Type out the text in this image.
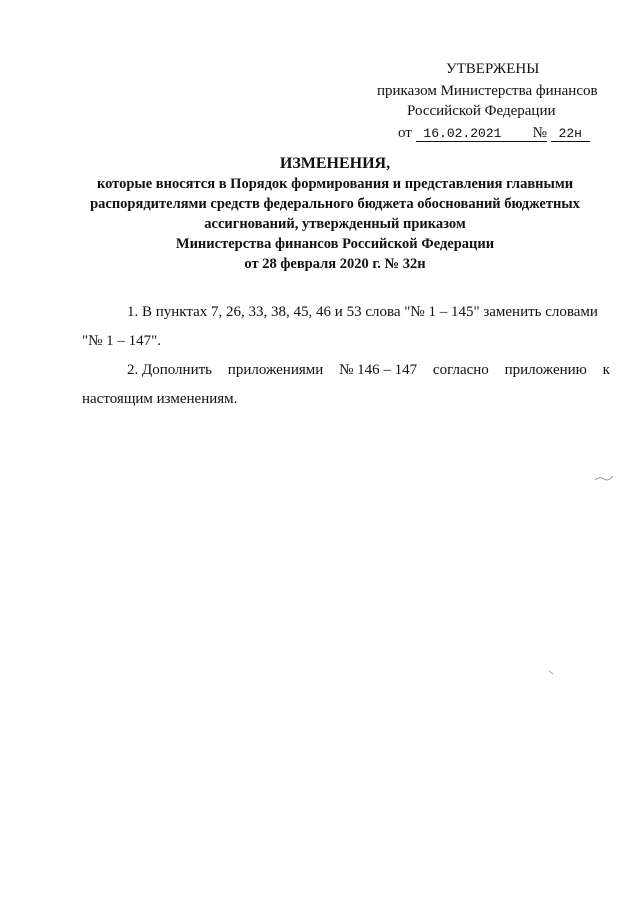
УТВЕРЖЕНЫ
приказом Министерства финансов
Российской Федерации
от 16.02.2021 № 22н
ИЗМЕНЕНИЯ,
которые вносятся в Порядок формирования и представления главными
распорядителями средств федерального бюджета обоснований бюджетных
ассигнований, утвержденный приказом
Министерства финансов Российской Федерации
от 28 февраля 2020 г. № 32н
1. В пунктах 7, 26, 33, 38, 45, 46 и 53 слова "№ 1 – 145" заменить словами
"№ 1 – 147".
2. Дополнить приложениями № 146 – 147 согласно приложению к
настоящим изменениям.
